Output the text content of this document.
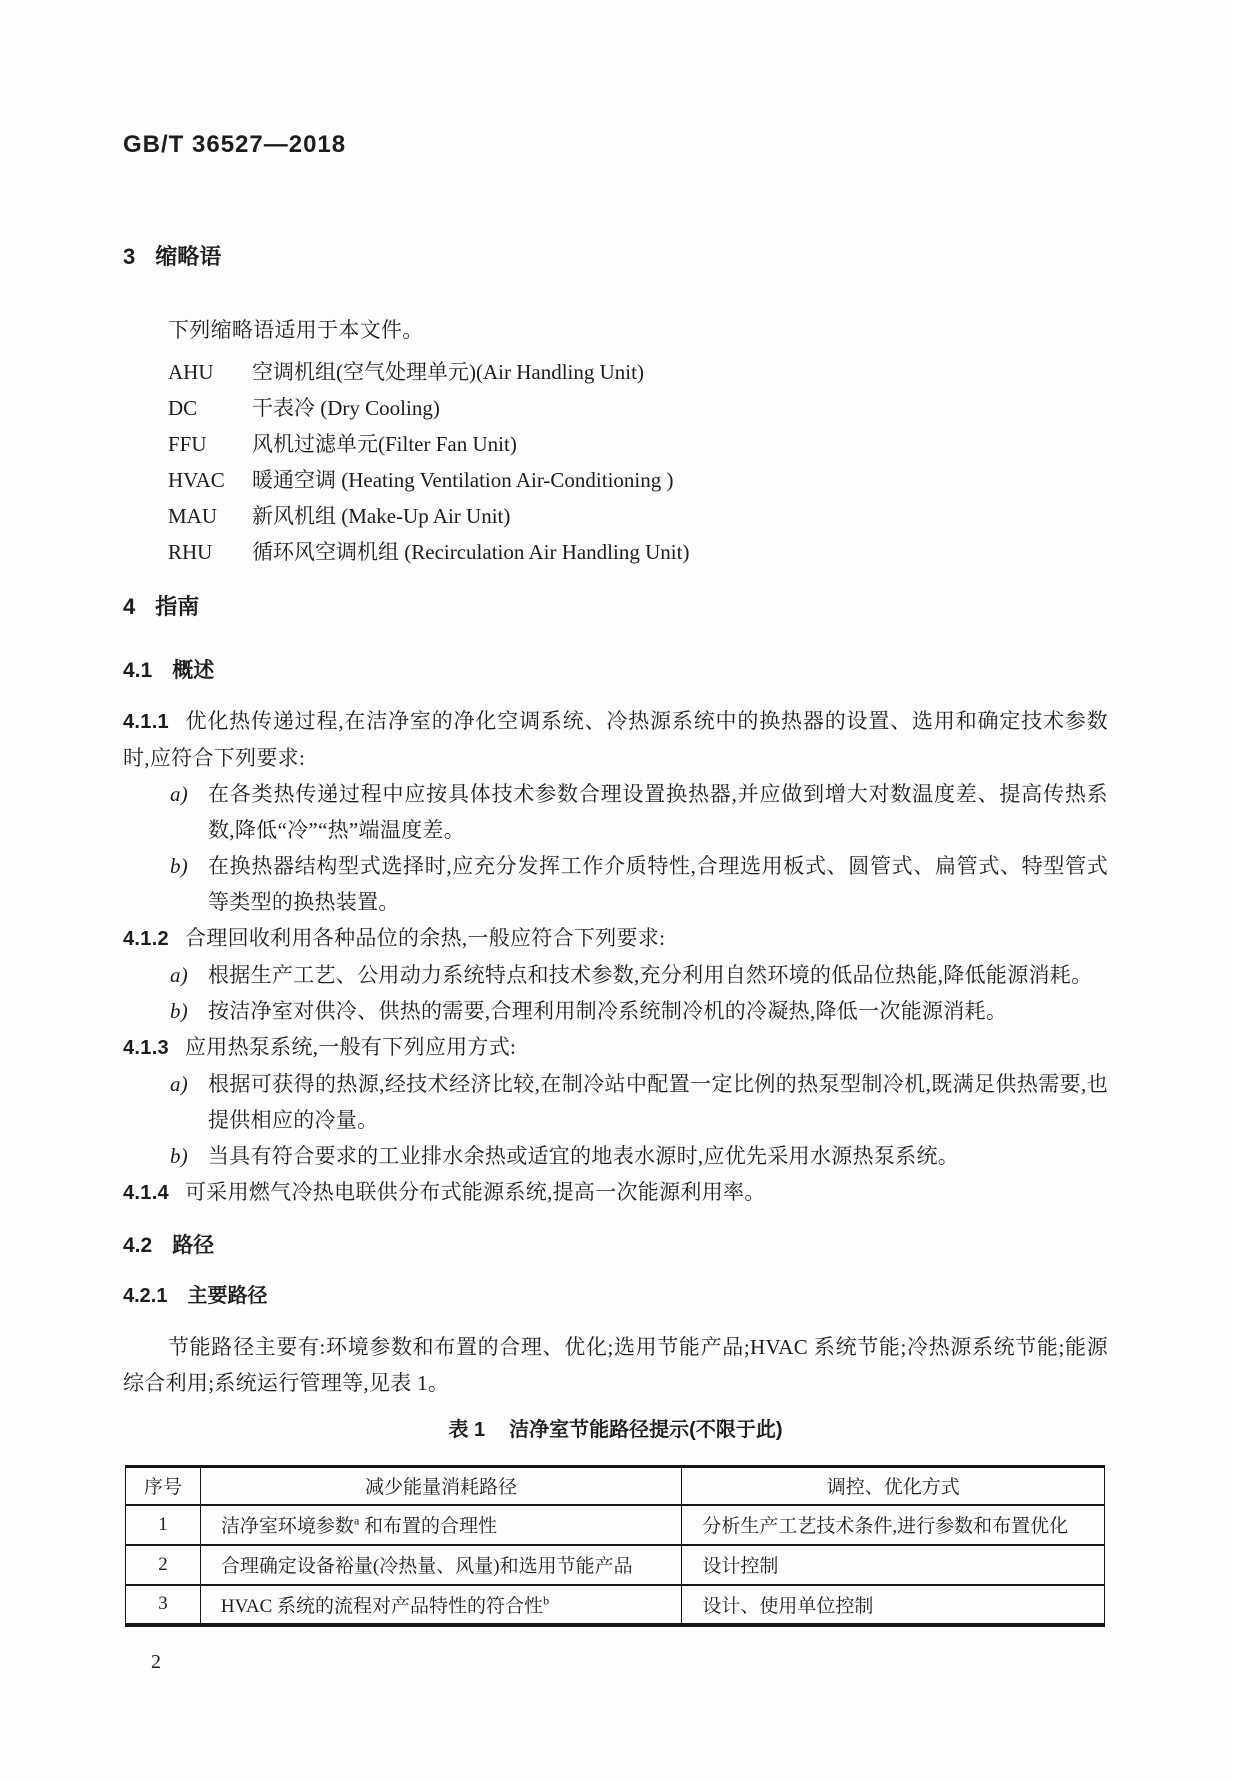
GB/T 36527—2018
3 缩略语

下列缩略语适用于本文件。

AHU 空调机组(空气处理单元)(Air Handling Unit)
DC	干表冷 (Dry Cooling)
FFU 风机过滤单元(Filter Fan Unit)
HVAC 暖通空调 (Heating Ventilation Air-Conditioning )
MAU 新风机组 (Make-Up Air Unit)
RHU 循环风空调机组 (Recirculation Air Handling Unit)
4 指南
4.1 概述

4.1.1 优化热传递过程,在洁净室的净化空调系统、冷热源系统中的换热器的设置、选用和确定技术参数时,应符合下列要求:

a) 在各类热传递过程中应按具体技术参数合理设置换热器,并应做到增大对数温度差、提高传热系数,降低“冷”“热”端温度差。
b) 在换热器结构型式选择时,应充分发挥工作介质特性,合理选用板式、圆管式、扁管式、特型管式等类型的换热装置。

4.1.2 合理回收利用各种品位的余热,一般应符合下列要求:

a) 根据生产工艺、公用动力系统特点和技术参数,充分利用自然环境的低品位热能,降低能源消耗。
b) 按洁净室对供冷、供热的需要,合理利用制冷系统制冷机的冷凝热,降低一次能源消耗。

4.1.3 应用热泵系统,一般有下列应用方式:

a) 根据可获得的热源,经技术经济比较,在制冷站中配置一定比例的热泵型制冷机,既满足供热需要,也提供相应的冷量。
b) 当具有符合要求的工业排水余热或适宜的地表水源时,应优先采用水源热泵系统。

4.1.4 可采用燃气冷热电联供分布式能源系统,提高一次能源利用率。

4.2 路径
4.2.1 主要路径

节能路径主要有:环境参数和布置的合理、优化;选用节能产品;HVAC 系统节能;冷热源系统节能;能源综合利用;系统运行管理等,见表 1。

表 1 洁净室节能路径提示(不限于此)
序号	减少能量消耗路径	调控、优化方式
1	洁净室环境参数$^a$ 和布置的合理性	分析生产工艺技术条件,进行参数和布置优化
2	合理确定设备裕量(冷热量、风量)和选用节能产品	设计控制
3	HVAC 系统的流程对产品特性的符合性$^b$	设计、使用单位控制
2
